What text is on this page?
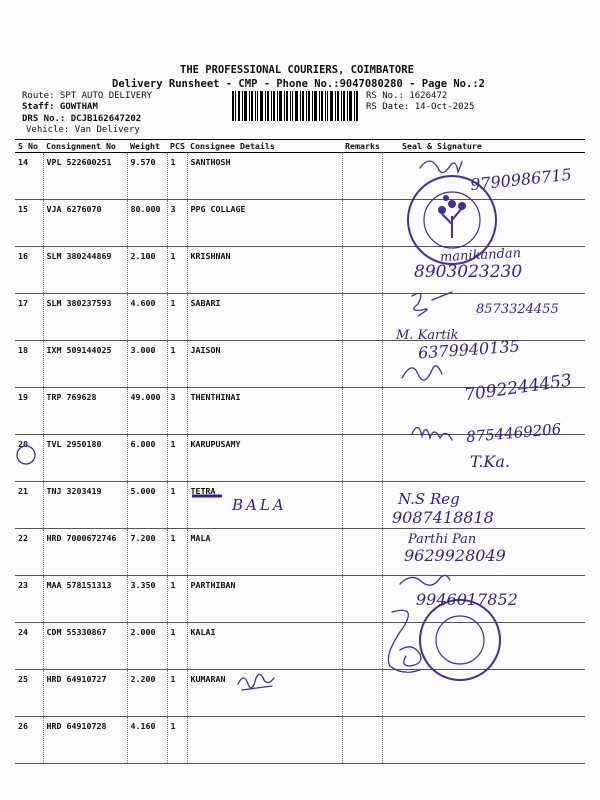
THE PROFESSIONAL COURIERS, COIMBATORE
Delivery Runsheet - CMP - Phone No.:9047080280 - Page No.:2
Route: SPT AUTO DELIVERY
Staff: GOWTHAM
DRS No.: DCJB162647202
Vehicle: Van Delivery
RS No.: 1626472
RS Date: 14-Oct-2025
S No	Consignment No	Weight	PCS	Consignee Details	Remarks	Seal & Signature
14	VPL 522600251	9.570	1	SANTHOSH		
15	VJA 6276070	80.000	3	PPG COLLAGE		
16	SLM 380244869	2.100	1	KRISHNAN		
17	SLM 380237593	4.600	1	SABARI		
18	IXM 509144025	3.000	1	JAISON		
19	TRP 769628	49.000	3	THENTHINAI		
20	TVL 2950180	6.000	1	KARUPUSAMY		
21	TNJ 3203419	5.000	1	TETRA		
22	HRD 7000672746	7.200	1	MALA		
23	MAA 578151313	3.350	1	PARTHIBAN		
24	CDM 55330867	2.000	1	KALAI		
25	HRD 64910727	2.200	1	KUMARAN		
26	HRD 64910728	4.160	1			
9790986715
manikandan
8903023230
8573324455
M. Kartik
6379940135
7092244453
8754469206
T.Ka.
BALA	N.S Reg
9087418818
Parthi Pan
9629928049
9946017852
